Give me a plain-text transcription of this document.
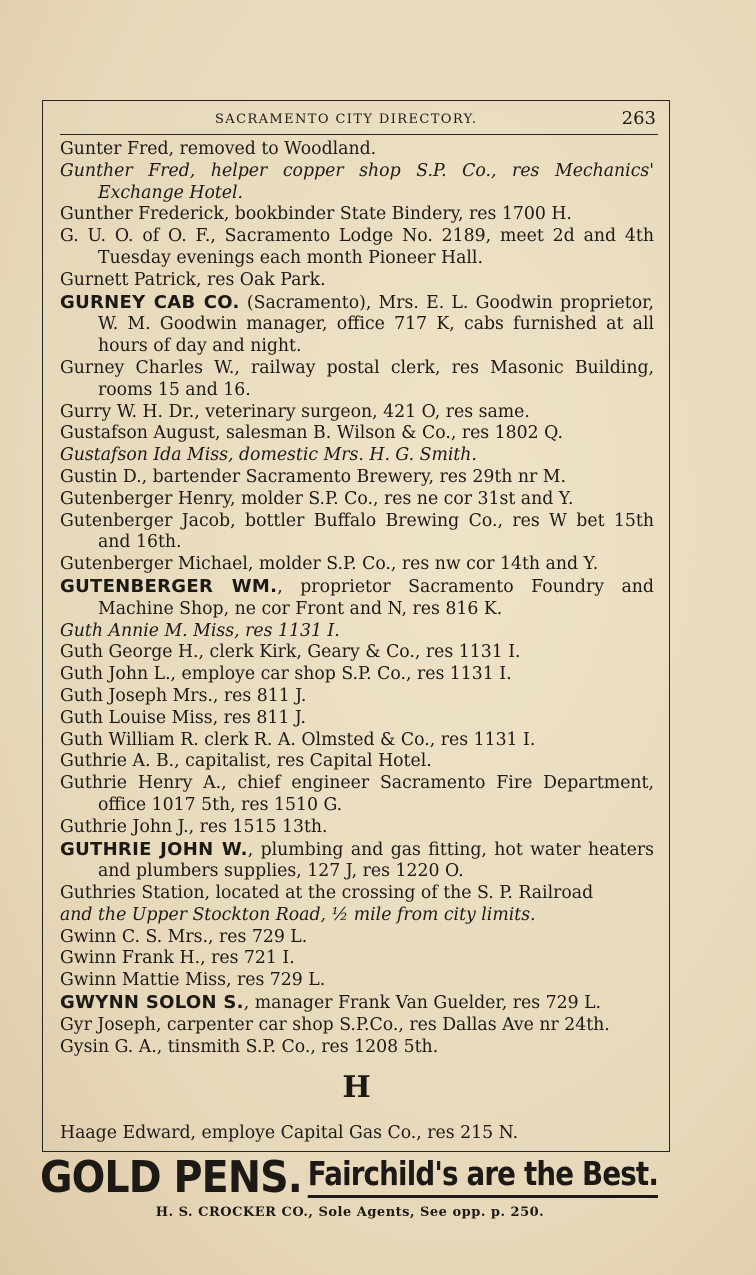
SACRAMENTO CITY DIRECTORY.	263
Gunter Fred, removed to Woodland.
Gunther Fred, helper copper shop S.P. Co., res Mechanics' Exchange Hotel.
Gunther Frederick, bookbinder State Bindery, res 1700 H.
G. U. O. of O. F., Sacramento Lodge No. 2189, meet 2d and 4th Tuesday evenings each month Pioneer Hall.
Gurnett Patrick, res Oak Park.
GURNEY CAB CO. (Sacramento), Mrs. E. L. Goodwin proprietor, W. M. Goodwin manager, office 717 K, cabs furnished at all hours of day and night.
Gurney Charles W., railway postal clerk, res Masonic Building, rooms 15 and 16.
Gurry W. H. Dr., veterinary surgeon, 421 O, res same.
Gustafson August, salesman B. Wilson & Co., res 1802 Q.
Gustafson Ida Miss, domestic Mrs. H. G. Smith.
Gustin D., bartender Sacramento Brewery, res 29th nr M.
Gutenberger Henry, molder S.P. Co., res ne cor 31st and Y.
Gutenberger Jacob, bottler Buffalo Brewing Co., res W bet 15th and 16th.
Gutenberger Michael, molder S.P. Co., res nw cor 14th and Y.
GUTENBERGER WM., proprietor Sacramento Foundry and Machine Shop, ne cor Front and N, res 816 K.
Guth Annie M. Miss, res 1131 I.
Guth George H., clerk Kirk, Geary & Co., res 1131 I.
Guth John L., employe car shop S.P. Co., res 1131 I.
Guth Joseph Mrs., res 811 J.
Guth Louise Miss, res 811 J.
Guth William R. clerk R. A. Olmsted & Co., res 1131 I.
Guthrie A. B., capitalist, res Capital Hotel.
Guthrie Henry A., chief engineer Sacramento Fire Department, office 1017 5th, res 1510 G.
Guthrie John J., res 1515 13th.
GUTHRIE JOHN W., plumbing and gas fitting, hot water heaters and plumbers supplies, 127 J, res 1220 O.
Guthries Station, located at the crossing of the S. P. Railroad
and the Upper Stockton Road, ½ mile from city limits.
Gwinn C. S. Mrs., res 729 L.
Gwinn Frank H., res 721 I.
Gwinn Mattie Miss, res 729 L.
GWYNN SOLON S., manager Frank Van Guelder, res 729 L.
Gyr Joseph, carpenter car shop S.P.Co., res Dallas Ave nr 24th.
Gysin G. A., tinsmith S.P. Co., res 1208 5th.
H
Haage Edward, employe Capital Gas Co., res 215 N.
GOLD PENS. Fairchild's are the Best.
H. S. CROCKER CO., Sole Agents, See opp. p. 250.
